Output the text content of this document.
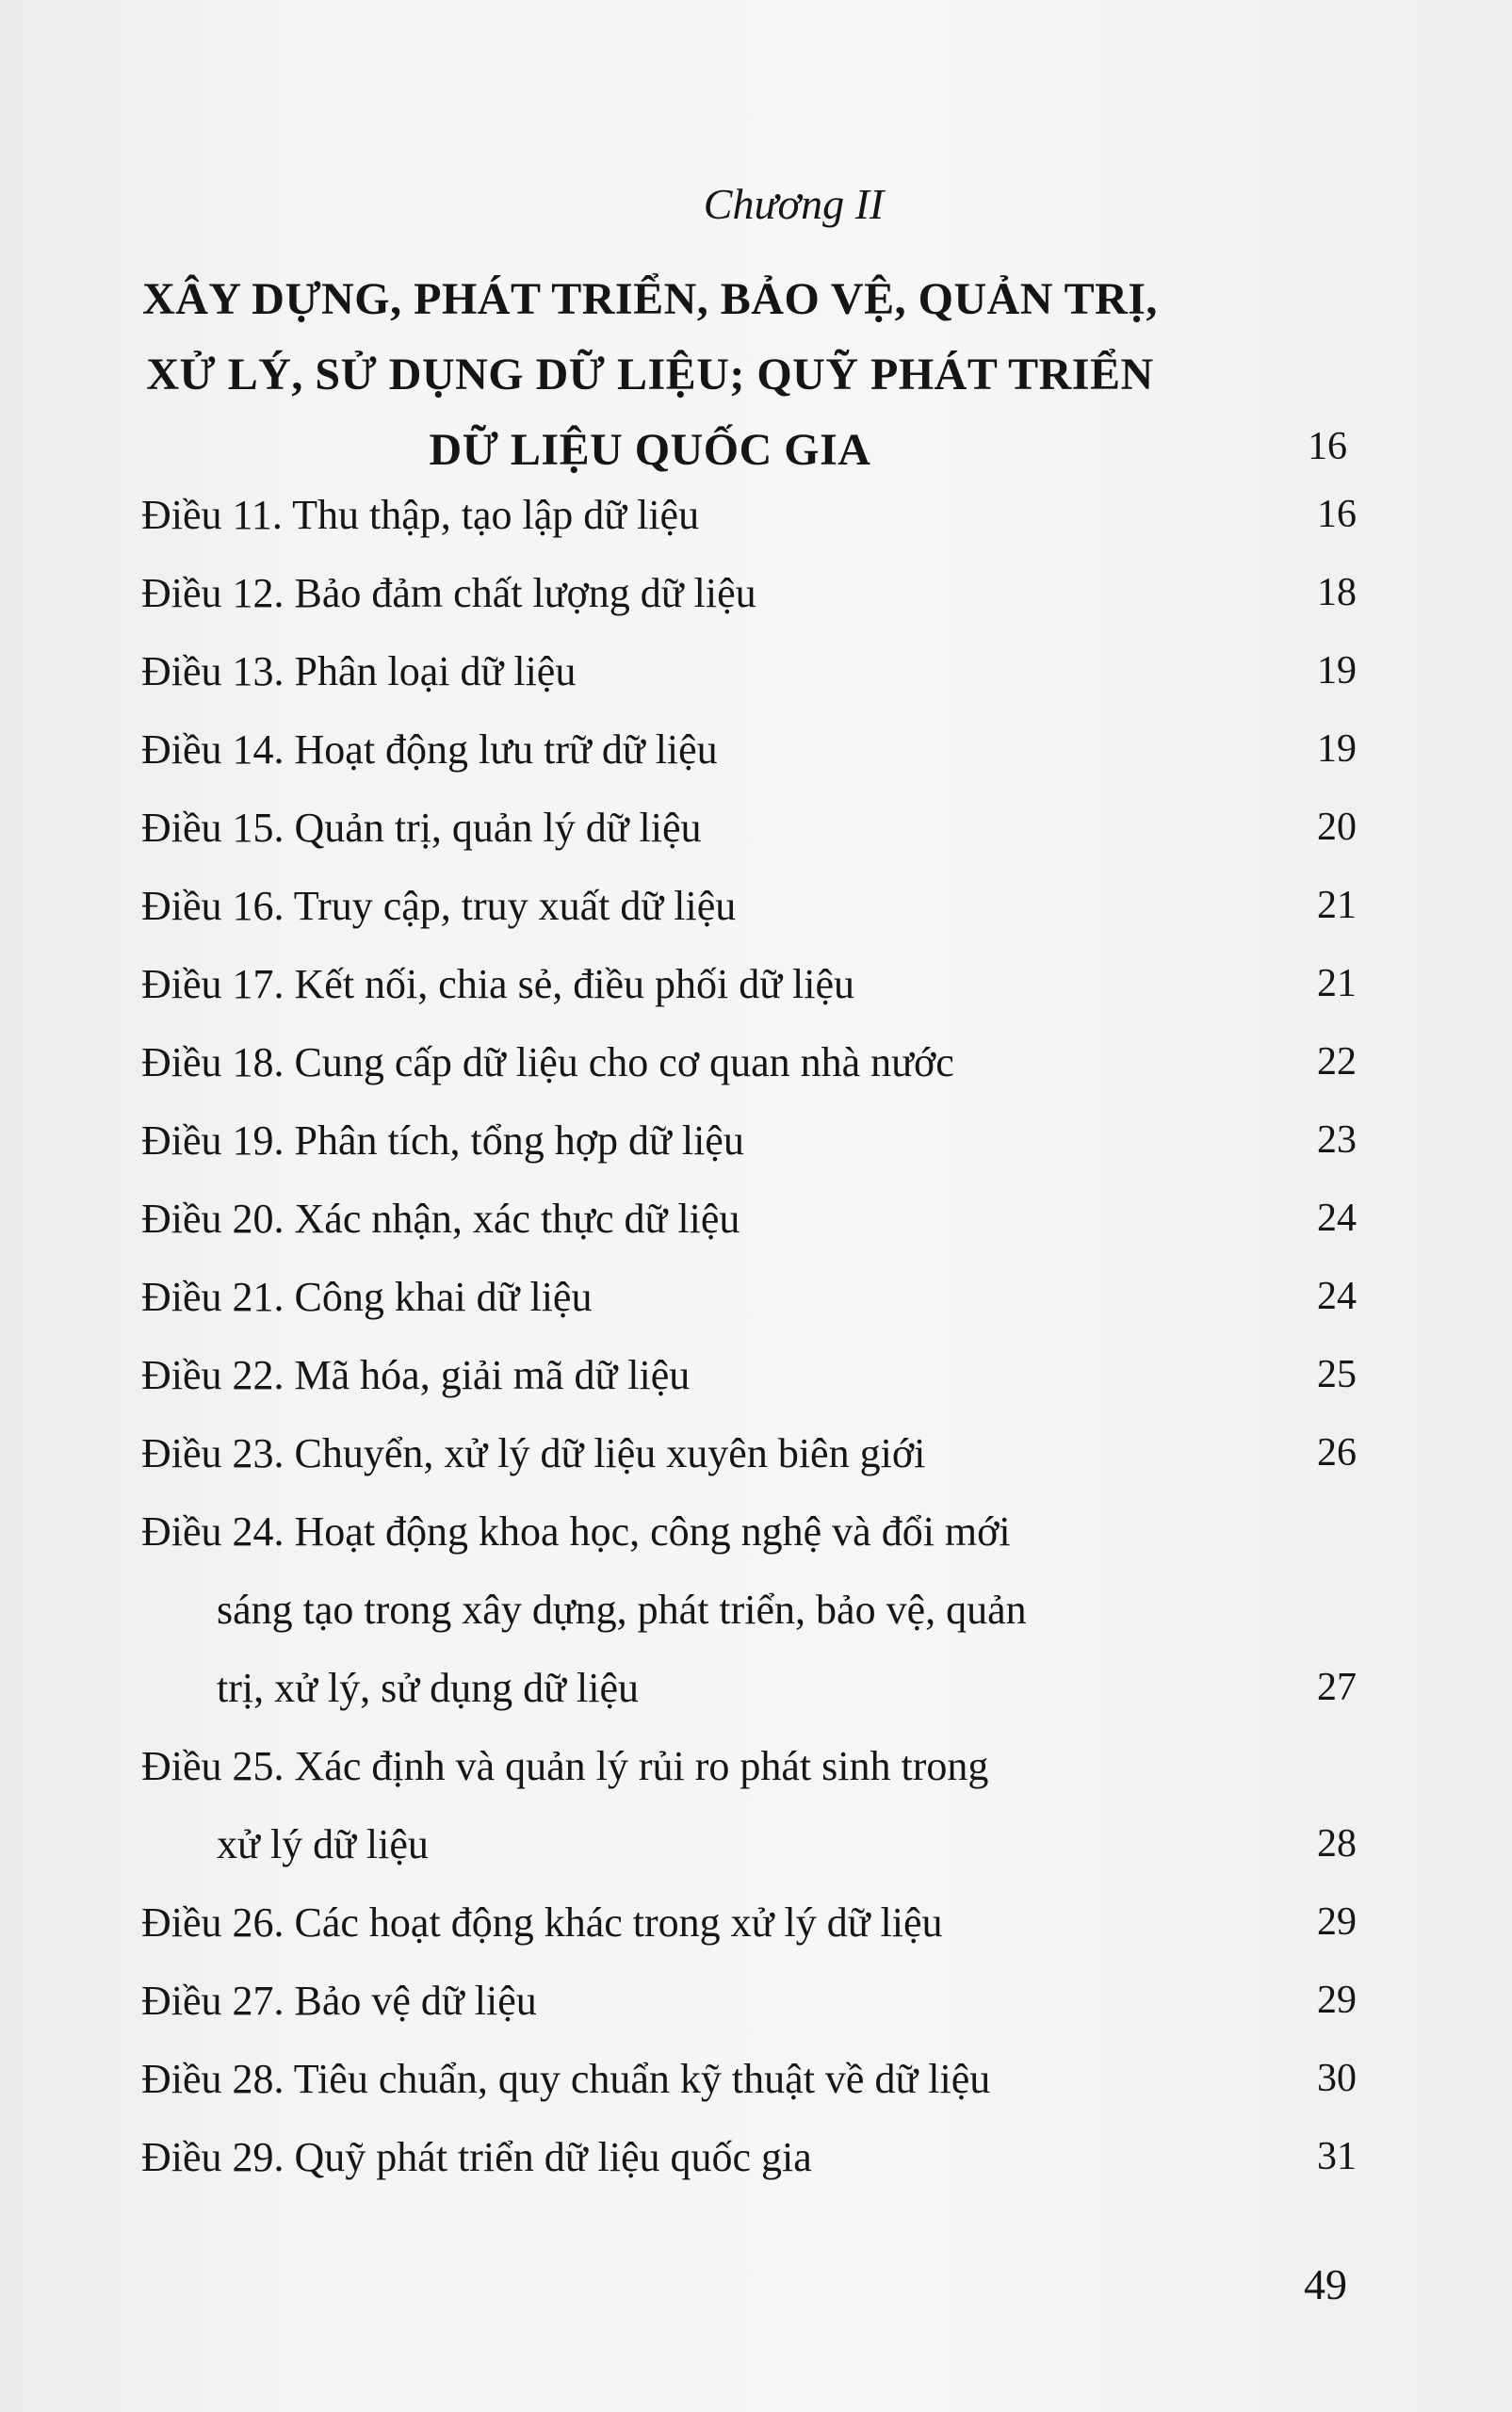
Chương II
XÂY DỰNG, PHÁT TRIỂN, BẢO VỆ, QUẢN TRỊ,
XỬ LÝ, SỬ DỤNG DỮ LIỆU; QUỸ PHÁT TRIỂN
DỮ LIỆU QUỐC GIA	16
Điều 11. Thu thập, tạo lập dữ liệu	16
Điều 12. Bảo đảm chất lượng dữ liệu	18
Điều 13. Phân loại dữ liệu	19
Điều 14. Hoạt động lưu trữ dữ liệu	19
Điều 15. Quản trị, quản lý dữ liệu	20
Điều 16. Truy cập, truy xuất dữ liệu	21
Điều 17. Kết nối, chia sẻ, điều phối dữ liệu	21
Điều 18. Cung cấp dữ liệu cho cơ quan nhà nước	22
Điều 19. Phân tích, tổng hợp dữ liệu	23
Điều 20. Xác nhận, xác thực dữ liệu	24
Điều 21. Công khai dữ liệu	24
Điều 22. Mã hóa, giải mã dữ liệu	25
Điều 23. Chuyển, xử lý dữ liệu xuyên biên giới	26
Điều 24. Hoạt động khoa học, công nghệ và đổi mới
sáng tạo trong xây dựng, phát triển, bảo vệ, quản
trị, xử lý, sử dụng dữ liệu	27
Điều 25. Xác định và quản lý rủi ro phát sinh trong
xử lý dữ liệu	28
Điều 26. Các hoạt động khác trong xử lý dữ liệu	29
Điều 27. Bảo vệ dữ liệu	29
Điều 28. Tiêu chuẩn, quy chuẩn kỹ thuật về dữ liệu	30
Điều 29. Quỹ phát triển dữ liệu quốc gia	31
49
